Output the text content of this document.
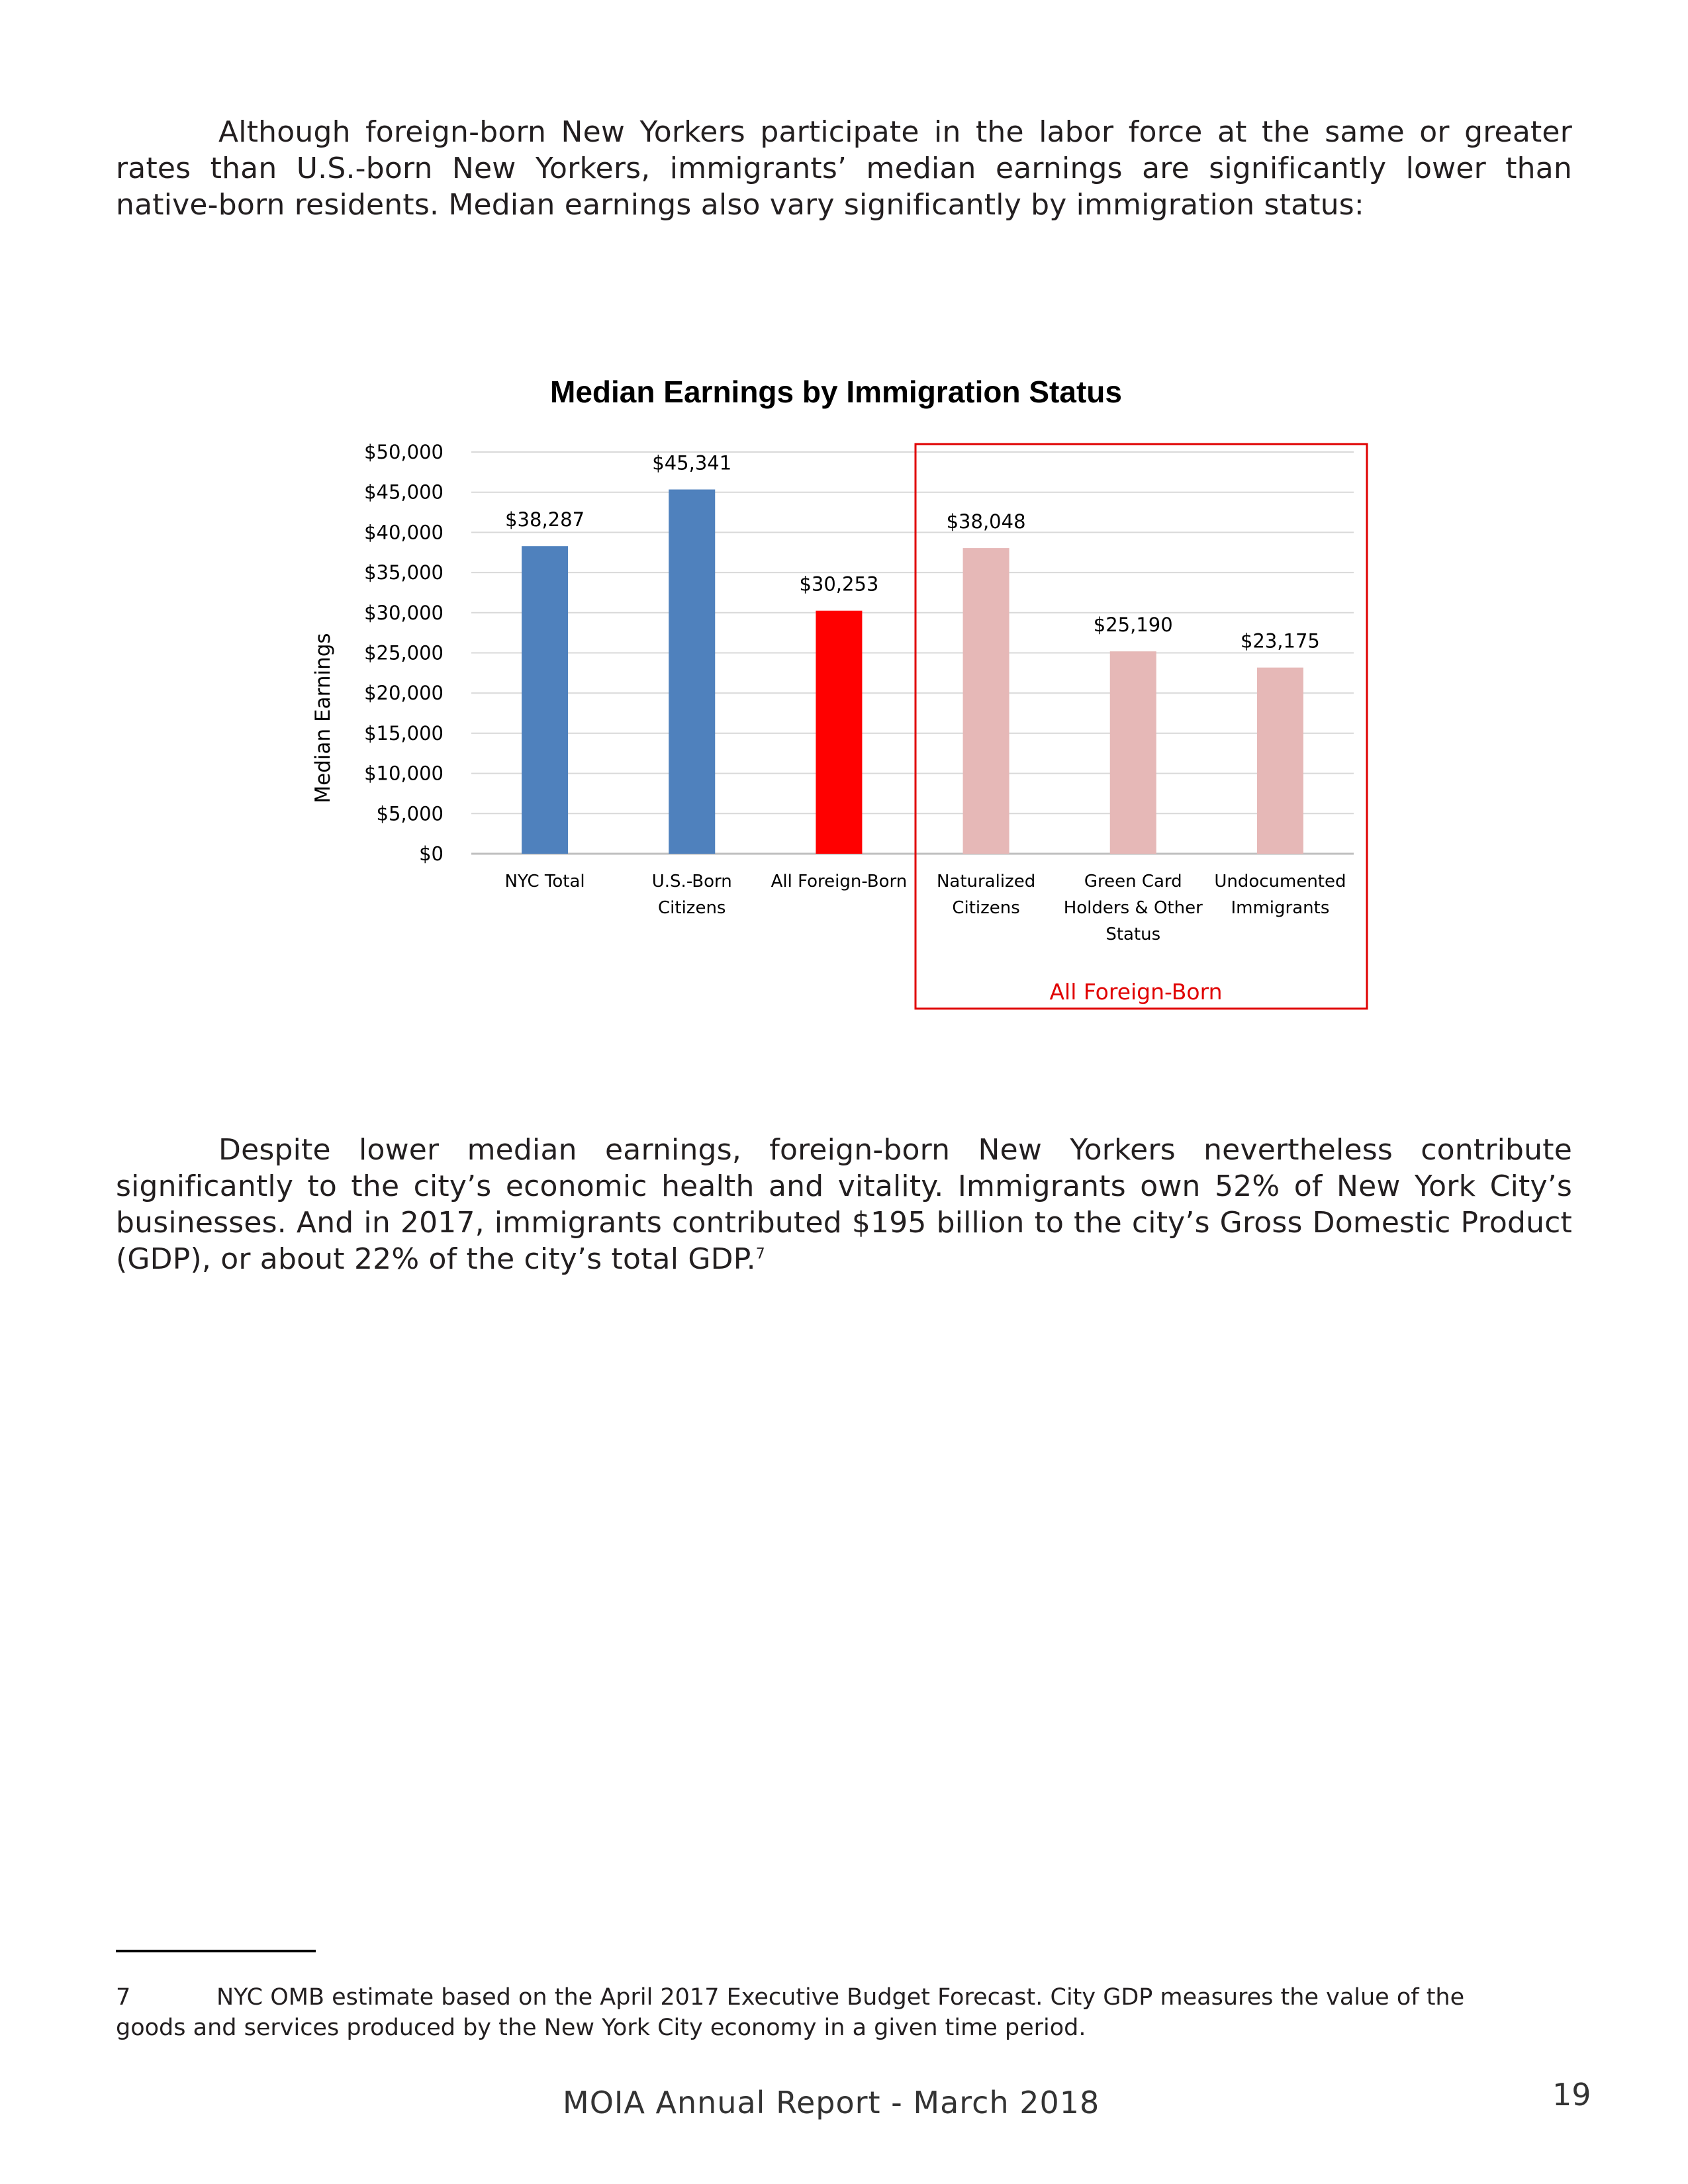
Although foreign-born New Yorkers participate in the labor force at the same or greater rates than U.S.-born New Yorkers, immigrants’ median earnings are significantly lower than native-born residents. Median earnings also vary significantly by immigration status:

Median Earnings by Immigration Status
Median Earnings
$0
$5,000
$10,000
$15,000
$20,000
$25,000
$30,000
$35,000
$40,000
$45,000
$50,000
$38,287
$45,341
$30,253
$38,048
$25,190
$23,175
NYC Total	U.S.-Born Citizens
All Foreign-Born Naturalized Citizens
Green Card Holders & Other Status
Undocumented Immigrants
All Foreign-Born

Despite lower median earnings, foreign-born New Yorkers nevertheless contribute significantly to the city’s economic health and vitality. Immigrants own 52% of New York City’s businesses. And in 2017, immigrants contributed $195 billion to the city’s Gross Domestic Product (GDP), or about 22% of the city’s total GDP.$^7$

7	NYC OMB estimate based on the April 2017 Executive Budget Forecast. City GDP measures the value of the goods and services produced by the New York City economy in a given time period.

MOIA Annual Report - March 2018	19
